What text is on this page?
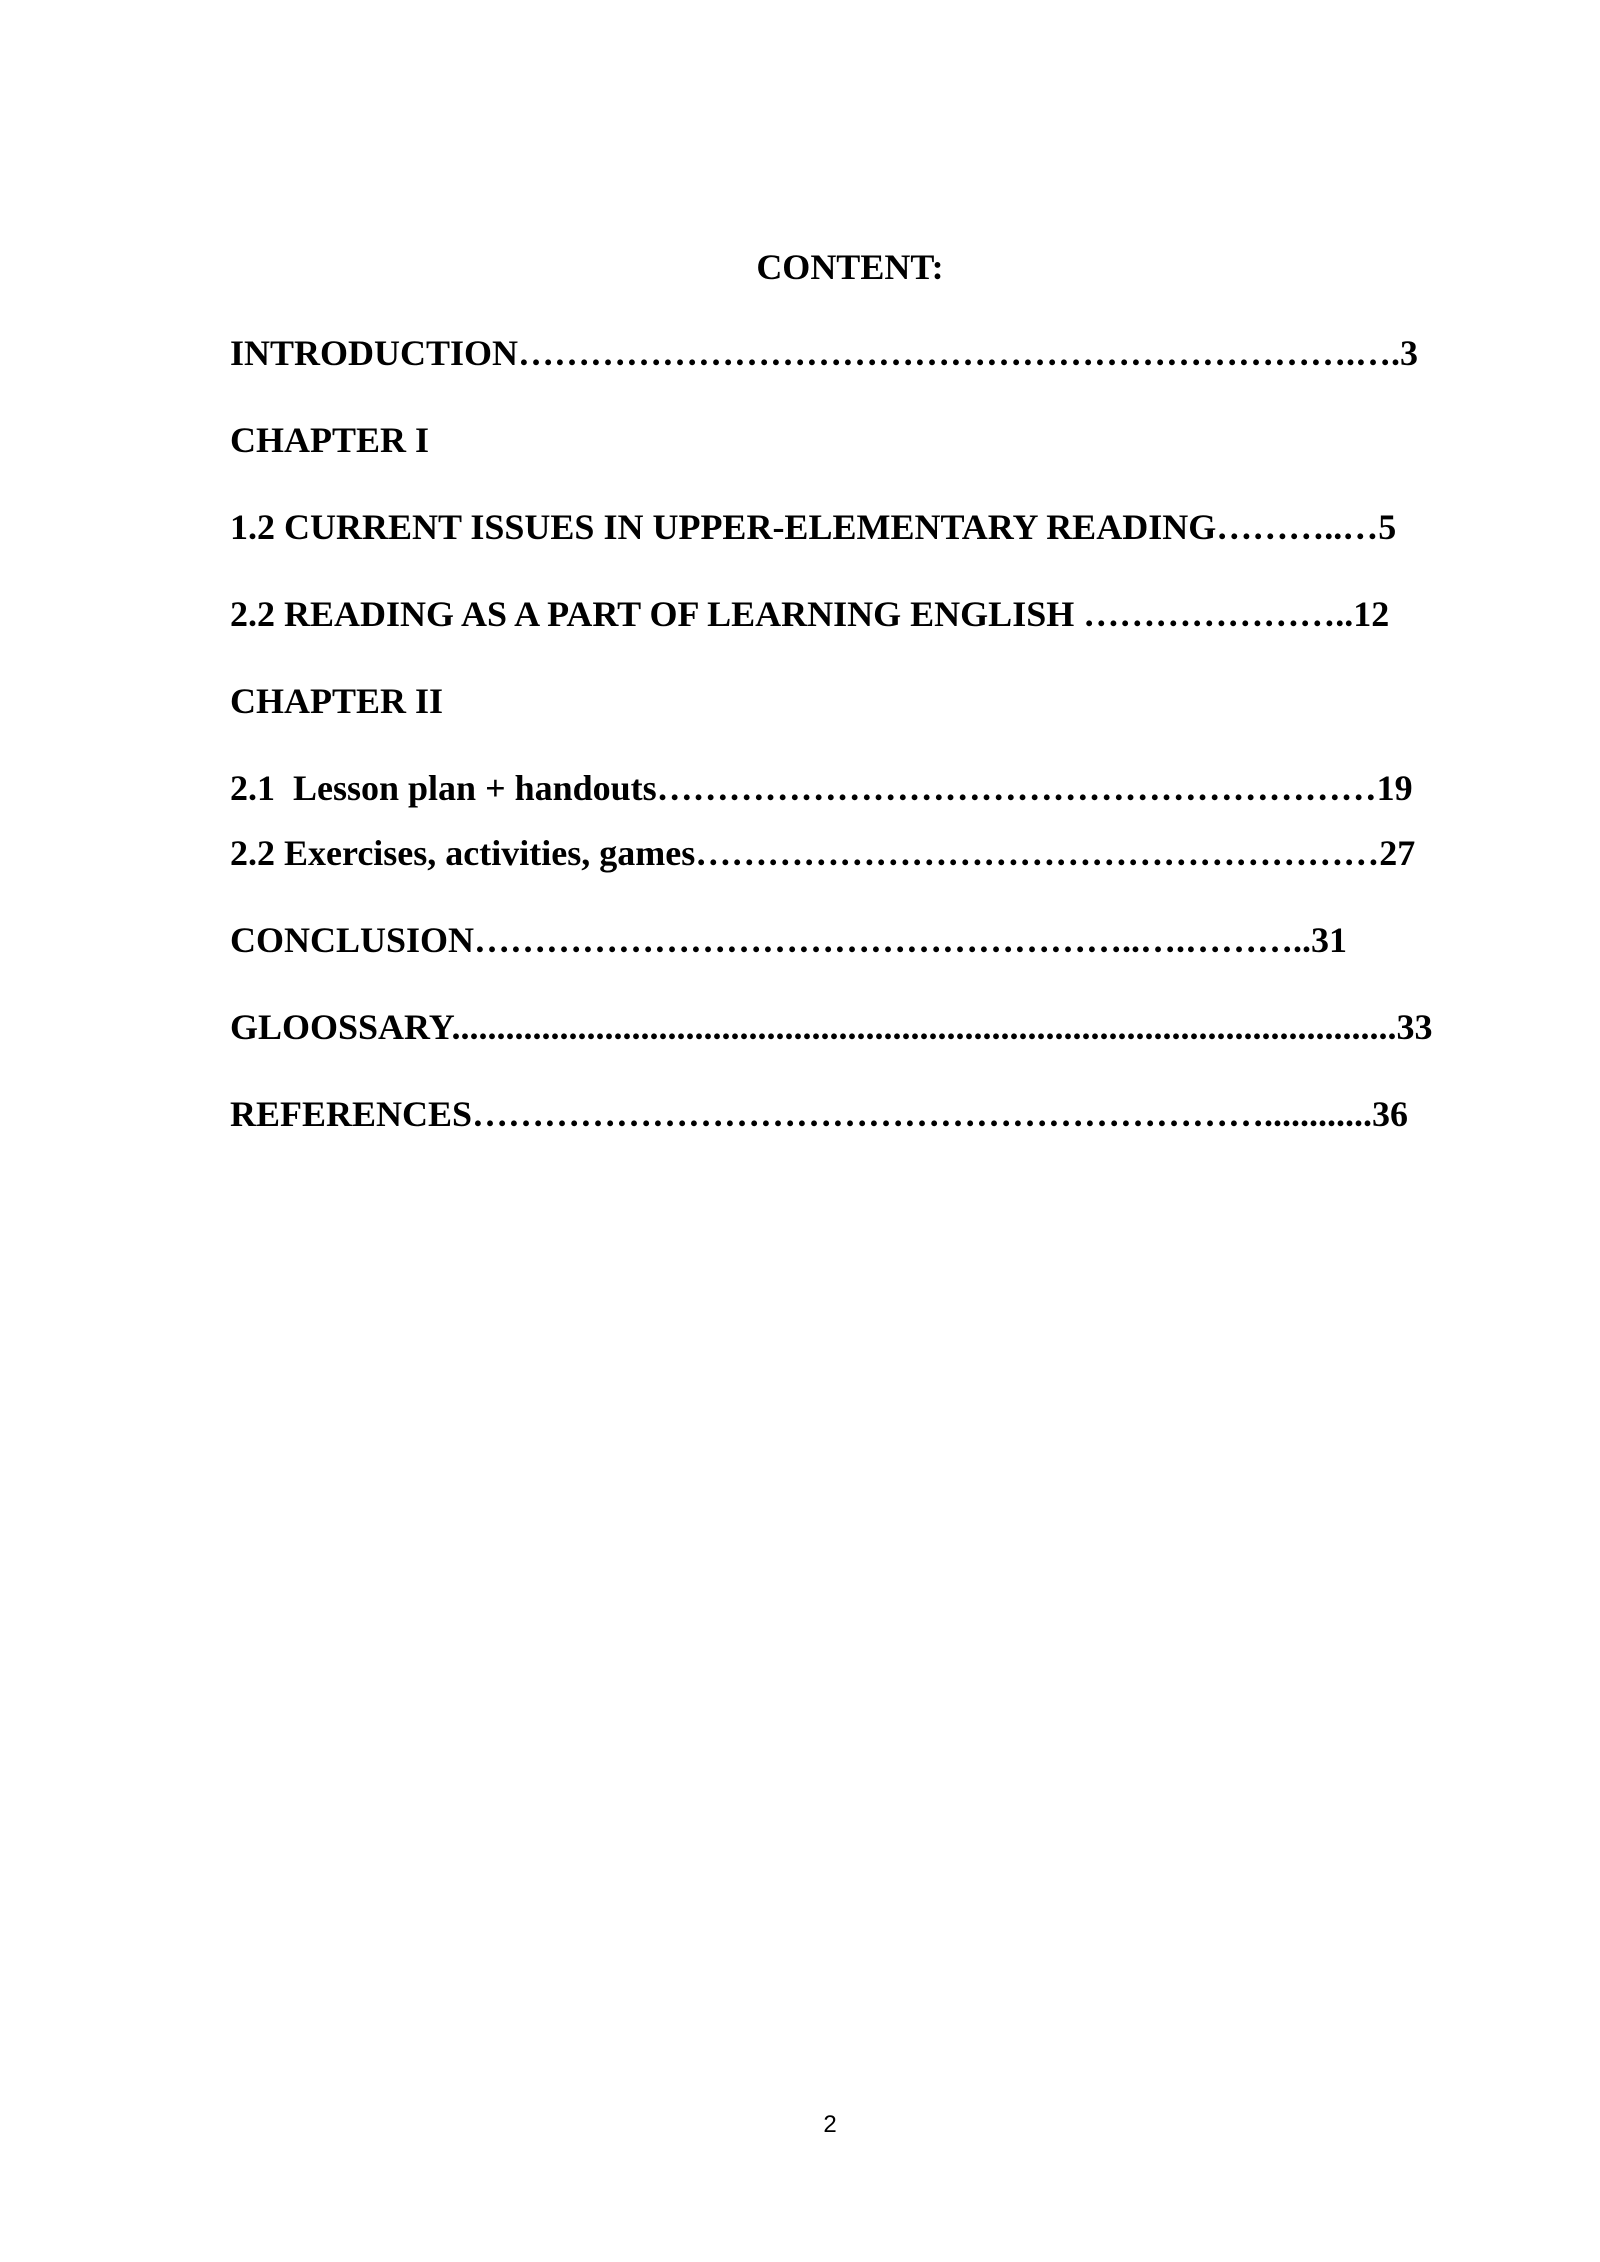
CONTENT:
INTRODUCTION…………………………………………………………….….3
CHAPTER I
1.2 CURRENT ISSUES IN UPPER-ELEMENTARY READING………..…5
2.2 READING AS A PART OF LEARNING ENGLISH …………………..12
CHAPTER II
2.1  Lesson plan + handouts……………………………………………………19
2.2 Exercises, activities, games…………………………………………………27
CONCLUSION………………………………………………..….………..31
GLOOSSARY.........................................................................................................33
REFERENCES…………………………………………………………............36
2
